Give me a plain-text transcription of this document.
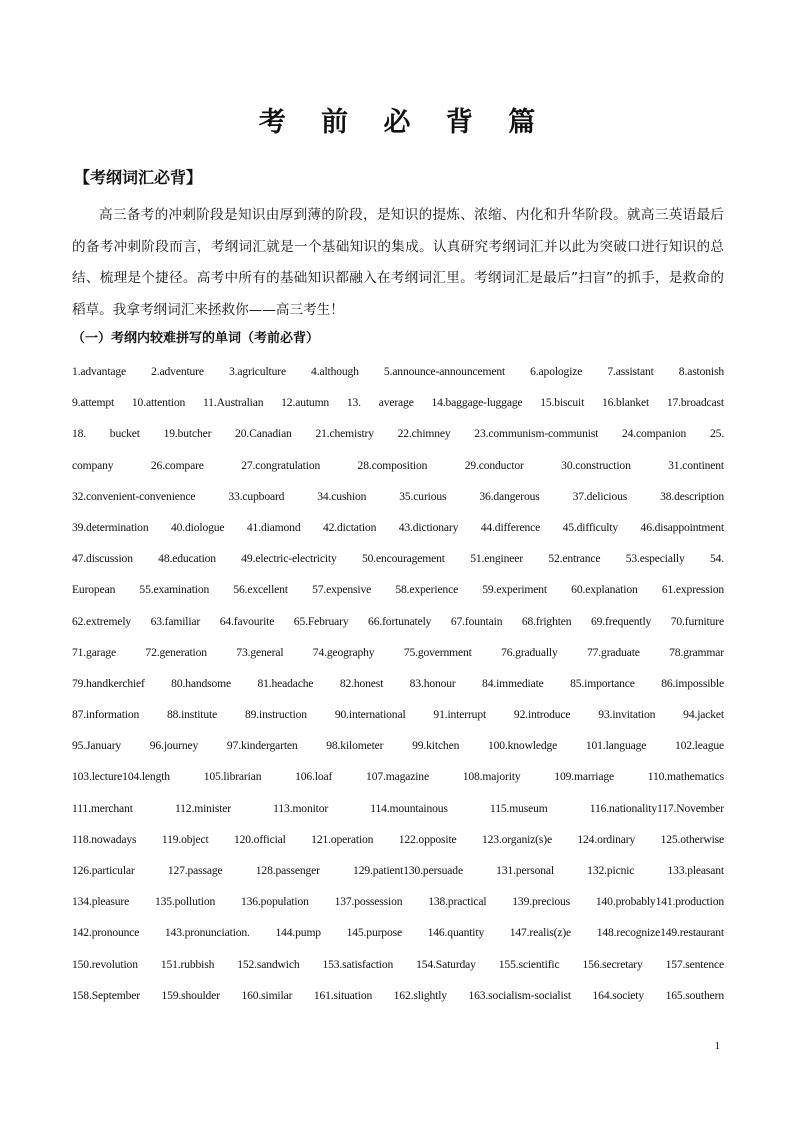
考 前 必 背 篇
【考纲词汇必背】

高三备考的冲刺阶段是知识由厚到薄的阶段，是知识的提炼、浓缩、内化和升华阶段。就高三英语最后的备考冲刺阶段而言，考纲词汇就是一个基础知识的集成。认真研究考纲词汇并以此为突破口进行知识的总结、梳理是个捷径。高考中所有的基础知识都融入在考纲词汇里。考纲词汇是最后”扫盲”的抓手，是救命的稻草。我拿考纲词汇来拯救你——高三考生！

（一）考纲内较难拼写的单词（考前必背）
1.advantage 2.adventure 3.agriculture 4.although 5.announce-announcement 6.apologize 7.assistant 8.astonish
9.attempt 10.attention 11.Australian 12.autumn 13. average 14.baggage-luggage 15.biscuit 16.blanket 17.broadcast
18. bucket 19.butcher 20.Canadian 21.chemistry 22.chimney 23.communism-communist 24.companion 25.
company 26.compare 27.congratulation 28.composition 29.conductor 30.construction 31.continent
32.convenient-convenience 33.cupboard 34.cushion 35.curious 36.dangerous 37.delicious 38.description
39.determination 40.diologue 41.diamond 42.dictation 43.dictionary 44.difference 45.difficulty 46.disappointment
47.discussion 48.education 49.electric-electricity 50.encouragement 51.engineer 52.entrance 53.especially 54.
European 55.examination 56.excellent 57.expensive 58.experience 59.experiment 60.explanation 61.expression
62.extremely 63.familiar 64.favourite 65.February 66.fortunately 67.fountain 68.frighten 69.frequently 70.furniture
71.garage 72.generation 73.general 74.geography 75.government 76.gradually 77.graduate 78.grammar
79.handkerchief 80.handsome 81.headache 82.honest 83.honour 84.immediate 85.importance 86.impossible
87.information 88.institute 89.instruction 90.international 91.interrupt 92.introduce 93.invitation 94.jacket
95.January 96.journey 97.kindergarten 98.kilometer 99.kitchen 100.knowledge 101.language 102.league
103.lecture104.length 105.librarian 106.loaf 107.magazine 108.majority 109.marriage 110.mathematics
111.merchant 112.minister 113.monitor 114.mountainous 115.museum 116.nationality117.November
118.nowadays 119.object 120.official 121.operation 122.opposite 123.organiz(s)e 124.ordinary 125.otherwise
126.particular 127.passage 128.passenger 129.patient130.persuade 131.personal 132.picnic 133.pleasant
134.pleasure 135.pollution 136.population 137.possession 138.practical 139.precious 140.probably141.production
142.pronounce 143.pronunciation. 144.pump 145.purpose 146.quantity 147.realis(z)e 148.recognize149.restaurant
150.revolution 151.rubbish 152.sandwich 153.satisfaction 154.Saturday 155.scientific 156.secretary 157.sentence
158.September 159.shoulder 160.similar 161.situation 162.slightly 163.socialism-socialist 164.society 165.southern
1
